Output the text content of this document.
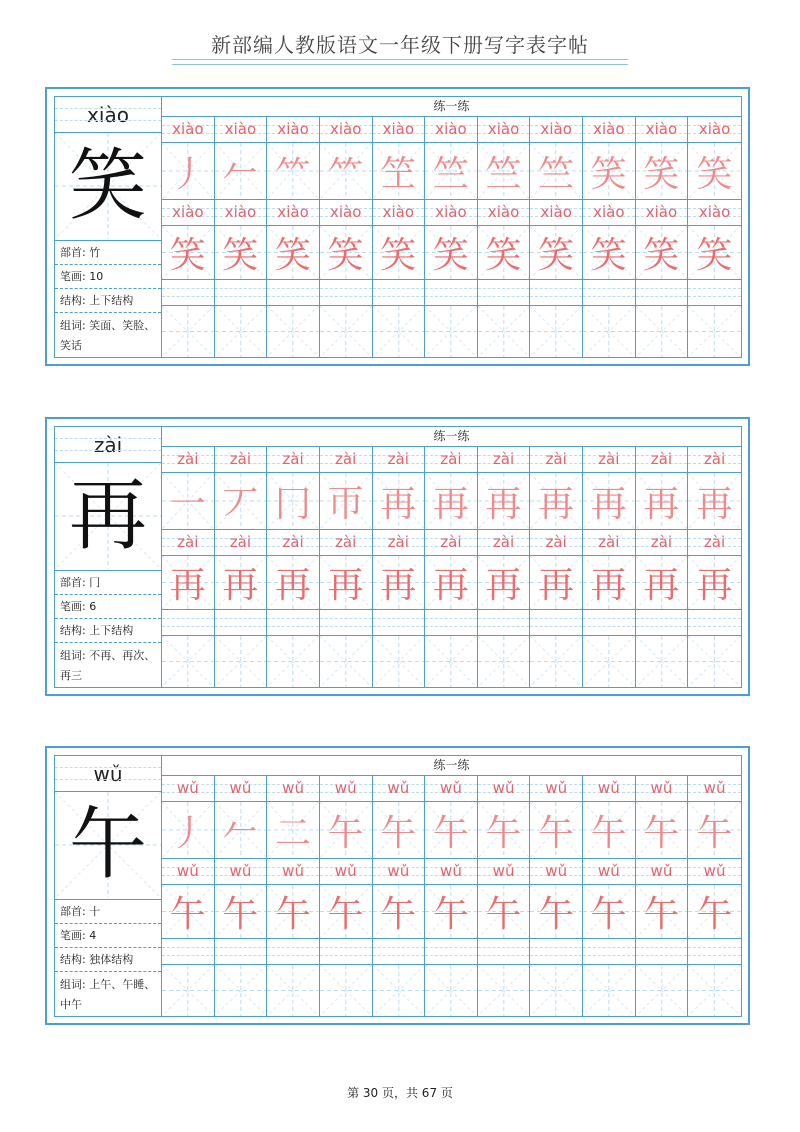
新部编人教版语文一年级下册写字表字帖
xiào
笑
部首: 竹
笔画: 10
结构: 上下结构
组词: 笑面、笑脸、笑话
练一练
xiào	xiào	xiào	xiào	xiào	xiào	xiào	xiào	xiào	xiào	xiào
xiào	xiào	xiào	xiào	xiào	xiào	xiào	xiào	xiào	xiào	xiào
丿 𠂉 ⺮ ⺮ 笁 竺 竺 竺 笑 笑 笑
笑 笑 笑 笑 笑 笑 笑 笑 笑 笑 笑
zài
再
部首: 冂
笔画: 6
结构: 上下结构
组词: 不再、再次、再三
练一练
zài	zài	zài	zài	zài	zài	zài	zài	zài	zài	zài
zài	zài	zài	zài	zài	zài	zài	zài	zài	zài	zài
一 丆 冂 帀 再 再 再 再 再 再 再
再 再 再 再 再 再 再 再 再 再 再
wǔ
午
部首: 十
笔画: 4
结构: 独体结构
组词: 上午、午睡、中午
练一练
wǔ	wǔ	wǔ	wǔ	wǔ	wǔ	wǔ	wǔ	wǔ	wǔ	wǔ
wǔ	wǔ	wǔ	wǔ	wǔ	wǔ	wǔ	wǔ	wǔ	wǔ	wǔ
丿 𠂉 二 午 午 午 午 午 午 午 午
午 午 午 午 午 午 午 午 午 午 午
第 30 页，共 67 页
